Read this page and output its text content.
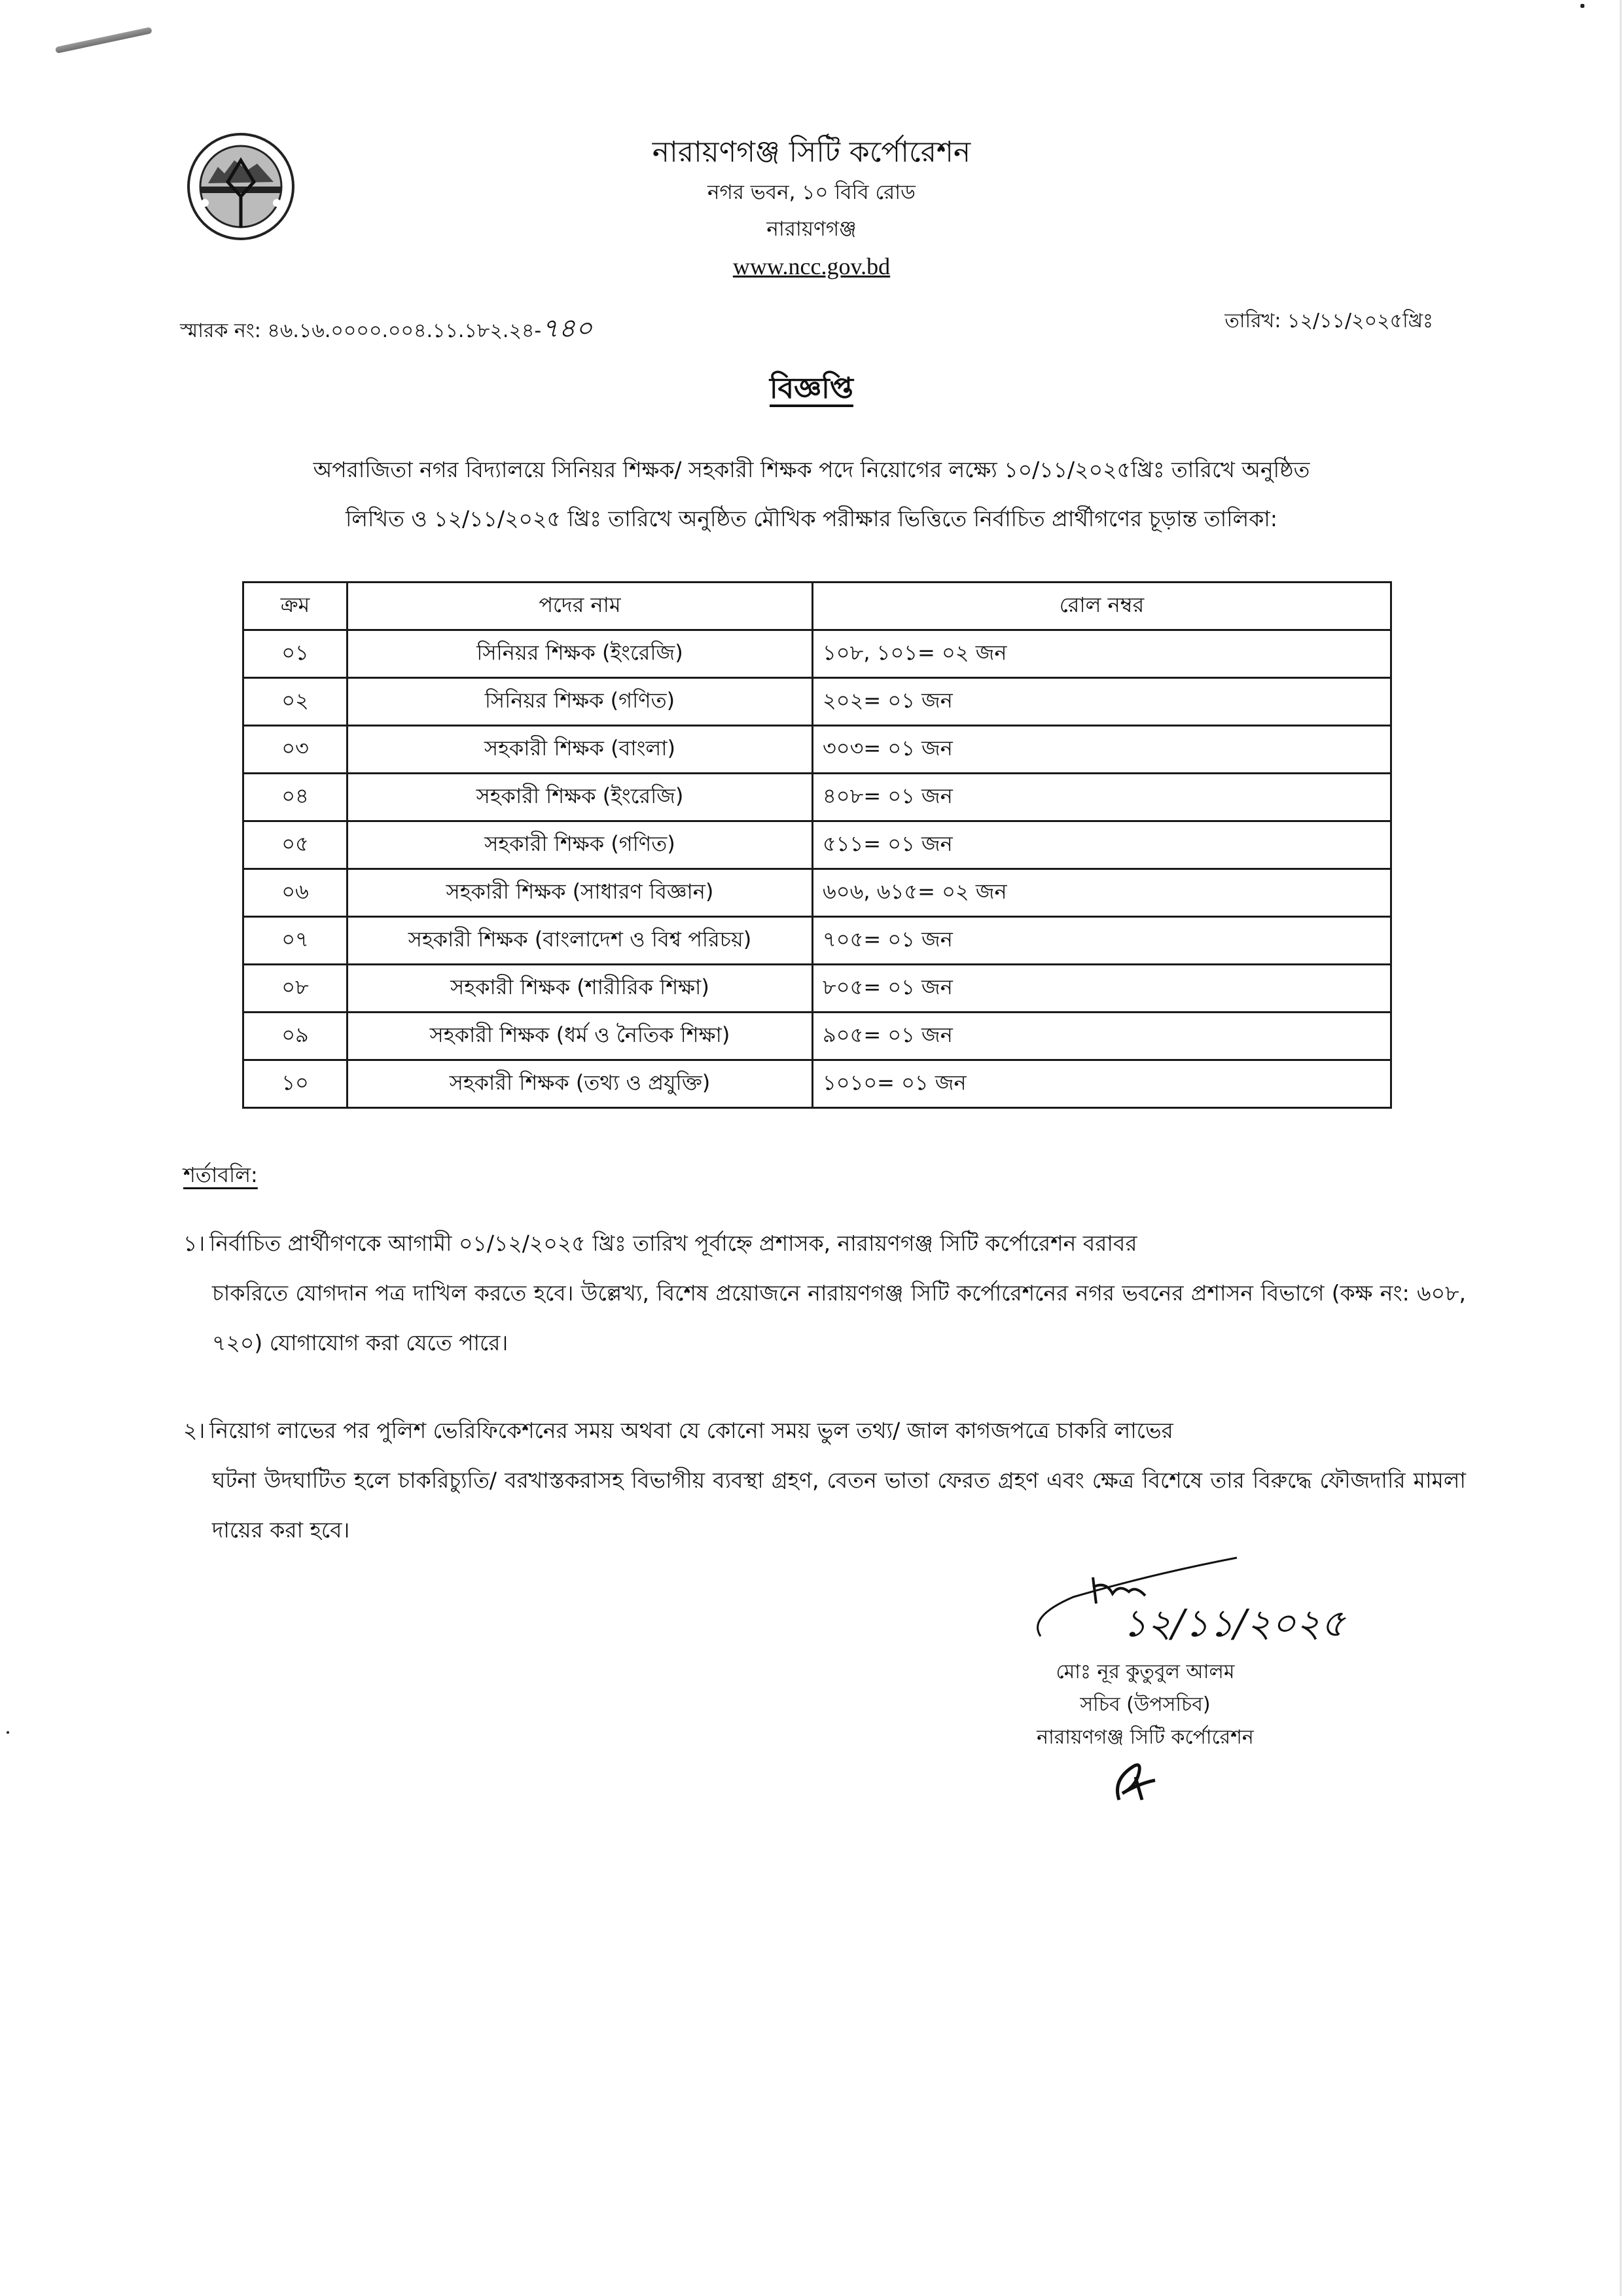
নারায়ণগঞ্জ সিটি কর্পোরেশন
নগর ভবন, ১০ বিবি রোড
নারায়ণগঞ্জ
www.ncc.gov.bd
স্মারক নং: ৪৬.১৬.০০০০.০০৪.১১.১৮২.২৪-৭৪০	তারিখ: ১২/১১/২০২৫খ্রিঃ
বিজ্ঞপ্তি
অপরাজিতা নগর বিদ্যালয়ে সিনিয়র শিক্ষক/ সহকারী শিক্ষক পদে নিয়োগের লক্ষ্যে ১০/১১/২০২৫খ্রিঃ তারিখে অনুষ্ঠিত
লিখিত ও ১২/১১/২০২৫ খ্রিঃ তারিখে অনুষ্ঠিত মৌখিক পরীক্ষার ভিত্তিতে নির্বাচিত প্রার্থীগণের চূড়ান্ত তালিকা:
ক্রম	পদের নাম	রোল নম্বর
০১	সিনিয়র শিক্ষক (ইংরেজি)	১০৮, ১০১= ০২ জন
০২	সিনিয়র শিক্ষক (গণিত)	২০২= ০১ জন
০৩	সহকারী শিক্ষক (বাংলা)	৩০৩= ০১ জন
০৪	সহকারী শিক্ষক (ইংরেজি)	৪০৮= ০১ জন
০৫	সহকারী শিক্ষক (গণিত)	৫১১= ০১ জন
০৬	সহকারী শিক্ষক (সাধারণ বিজ্ঞান)	৬০৬, ৬১৫= ০২ জন
০৭	সহকারী শিক্ষক (বাংলাদেশ ও বিশ্ব পরিচয়)	৭০৫= ০১ জন
০৮	সহকারী শিক্ষক (শারীরিক শিক্ষা)	৮০৫= ০১ জন
০৯	সহকারী শিক্ষক (ধর্ম ও নৈতিক শিক্ষা)	৯০৫= ০১ জন
১০	সহকারী শিক্ষক (তথ্য ও প্রযুক্তি)	১০১০= ০১ জন
শর্তাবলি:
১। নির্বাচিত প্রার্থীগণকে আগামী ০১/১২/২০২৫ খ্রিঃ তারিখ পূর্বাহ্নে প্রশাসক, নারায়ণগঞ্জ সিটি কর্পোরেশন বরাবর
চাকরিতে যোগদান পত্র দাখিল করতে হবে। উল্লেখ্য, বিশেষ প্রয়োজনে নারায়ণগঞ্জ সিটি কর্পোরেশনের নগর ভবনের প্রশাসন বিভাগে (কক্ষ নং: ৬০৮, ৭২০) যোগাযোগ করা যেতে পারে।
২। নিয়োগ লাভের পর পুলিশ ভেরিফিকেশনের সময় অথবা যে কোনো সময় ভুল তথ্য/ জাল কাগজপত্রে চাকরি লাভের
ঘটনা উদঘাটিত হলে চাকরিচ্যুতি/ বরখাস্তকরাসহ বিভাগীয় ব্যবস্থা গ্রহণ, বেতন ভাতা ফেরত গ্রহণ এবং ক্ষেত্র বিশেষে তার বিরুদ্ধে ফৌজদারি মামলা দায়ের করা হবে।
১২/১১/২০২৫
মোঃ নূর কুতুবুল আলম
সচিব (উপসচিব)
নারায়ণগঞ্জ সিটি কর্পোরেশন
